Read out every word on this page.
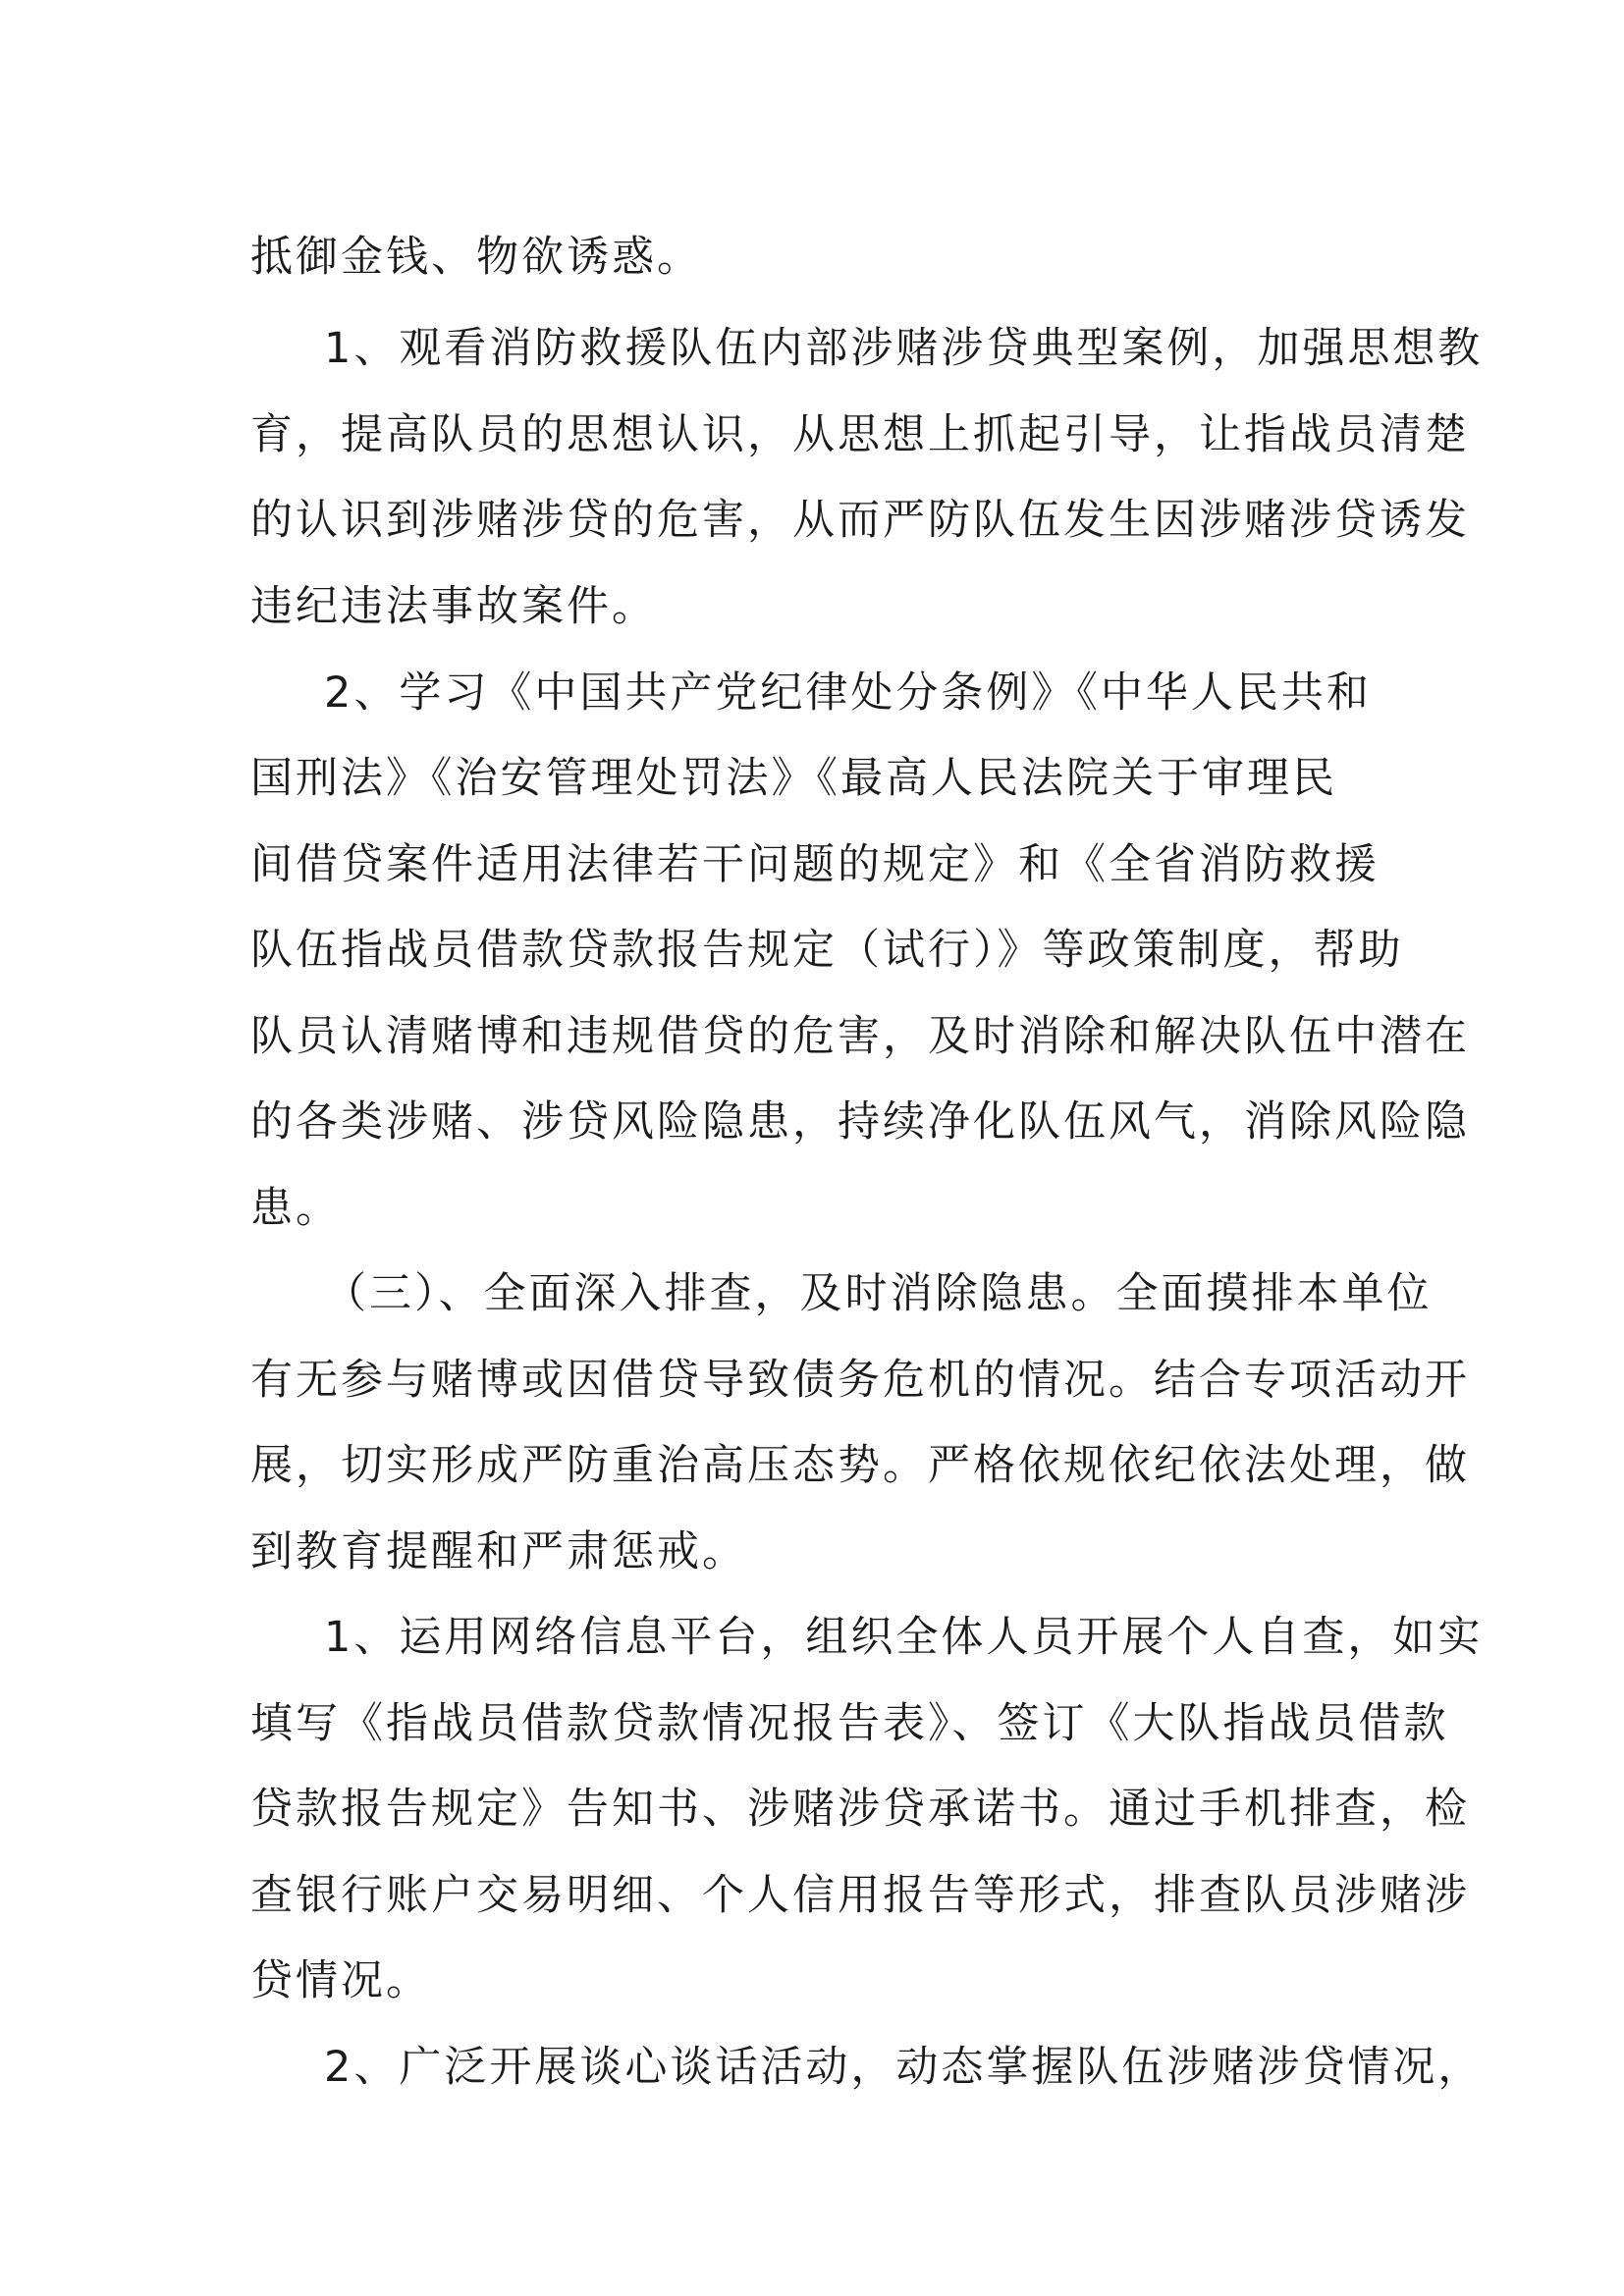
抵御金钱、物欲诱惑。
1、观看消防救援队伍内部涉赌涉贷典型案例，加强思想教
育，提高队员的思想认识，从思想上抓起引导，让指战员清楚
的认识到涉赌涉贷的危害，从而严防队伍发生因涉赌涉贷诱发
违纪违法事故案件。
2、学习《中国共产党纪律处分条例》《中华人民共和
国刑法》《治安管理处罚法》《最高人民法院关于审理民
间借贷案件适用法律若干问题的规定》和《全省消防救援
队伍指战员借款贷款报告规定（试行）》等政策制度，帮助
队员认清赌博和违规借贷的危害，及时消除和解决队伍中潜在
的各类涉赌、涉贷风险隐患，持续净化队伍风气，消除风险隐
患。
（三）、全面深入排查，及时消除隐患。全面摸排本单位
有无参与赌博或因借贷导致债务危机的情况。结合专项活动开
展，切实形成严防重治高压态势。严格依规依纪依法处理，做
到教育提醒和严肃惩戒。
1、运用网络信息平台，组织全体人员开展个人自查，如实
填写《指战员借款贷款情况报告表》、签订《大队指战员借款
贷款报告规定》告知书、涉赌涉贷承诺书。通过手机排查，检
查银行账户交易明细、个人信用报告等形式，排查队员涉赌涉
贷情况。
2、广泛开展谈心谈话活动，动态掌握队伍涉赌涉贷情况，
